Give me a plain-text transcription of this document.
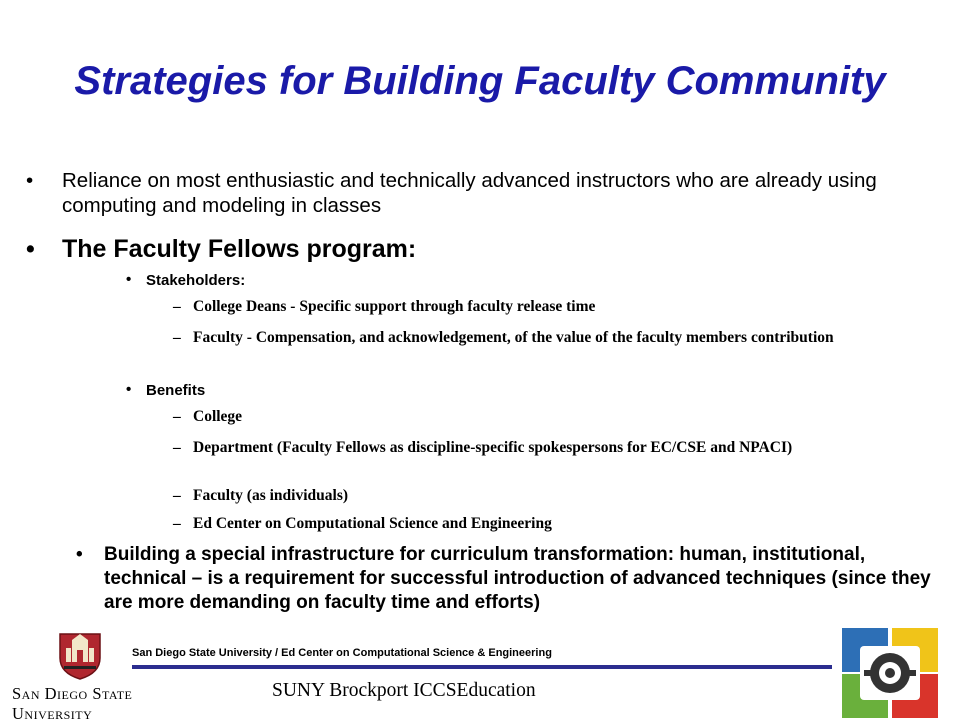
Strategies for Building Faculty Community
• Reliance on most enthusiastic and technically advanced instructors who are already using computing and modeling in classes
• The Faculty Fellows program:
• Stakeholders:
– College Deans - Specific support through faculty release time
– Faculty - Compensation, and acknowledgement, of the value of the faculty members contribution
• Benefits
– College
– Department (Faculty Fellows as discipline-specific spokespersons for EC/CSE and NPACI)
– Faculty (as individuals)
– Ed Center on Computational Science and Engineering
• Building a special infrastructure for curriculum transformation: human, institutional, technical – is a requirement for successful introduction of advanced techniques (since they are more demanding on faculty time and efforts)
San Diego State
University
San Diego State University / Ed Center on Computational Science & Engineering
SUNY Brockport ICCSEducation
